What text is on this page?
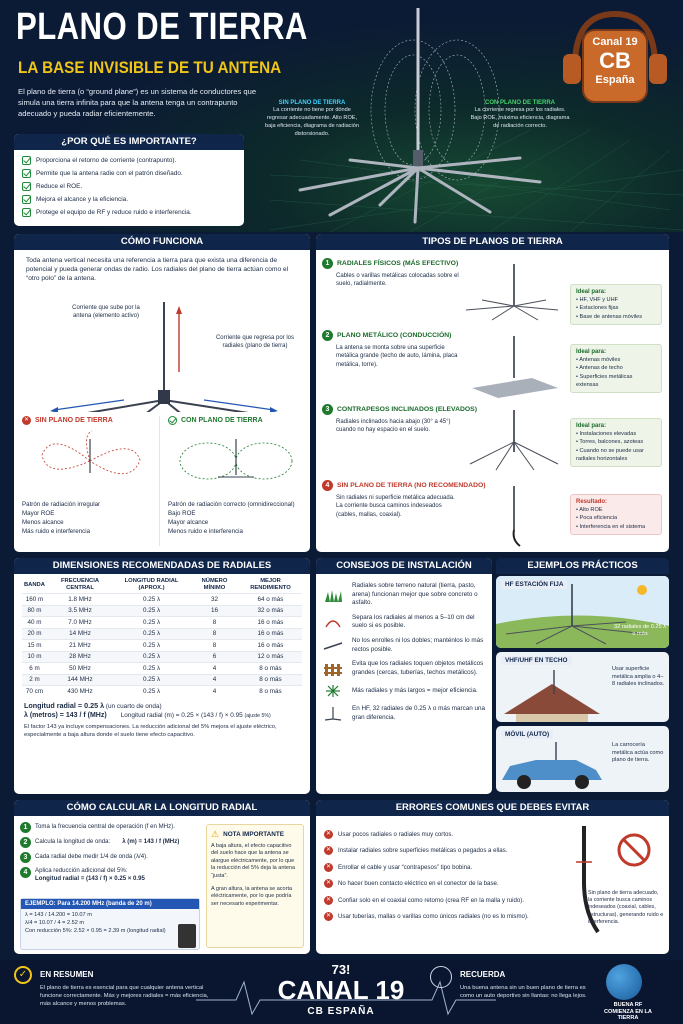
PLANO DE TIERRA
LA BASE INVISIBLE DE TU ANTENA
El plano de tierra (o “ground plane”) es un sistema de conductores que simula una tierra infinita para que la antena tenga un contrapunto adecuado y pueda radiar eficientemente.
SIN PLANO DE TIERRA
La corriente no tiene por dónde regresar adecuadamente. Alto ROE, baja eficiencia, diagrama de radiación distorsionado.
CON PLANO DE TIERRA
La corriente regresa por los radiales. Bajo ROE, máxima eficiencia, diagrama de radiación correcto.
Canal 19
CB
España
¿POR QUÉ ES IMPORTANTE?
Proporciona el retorno de corriente (contrapunto).
Permite que la antena radie con el patrón diseñado.
Reduce el ROE.
Mejora el alcance y la eficiencia.
Protege el equipo de RF y reduce ruido e interferencia.
CÓMO FUNCIONA
Toda antena vertical necesita una referencia a tierra para que exista una diferencia de potencial y pueda generar ondas de radio. Los radiales del plano de tierra actúan como el “otro polo” de la antena.
Corriente que sube por la antena (elemento activo)
Corriente que regresa por los radiales (plano de tierra)
✕ SIN PLANO DE TIERRA
Patrón de radiación irregular
Mayor ROE
Menos alcance
Más ruido e interferencia
CON PLANO DE TIERRA
Patrón de radiación correcto (omnidireccional)
Bajo ROE
Mayor alcance
Menos ruido e interferencia
TIPOS DE PLANOS DE TIERRA
1	RADIALES FÍSICOS (MÁS EFECTIVO)
Cables o varillas metálicas colocadas sobre el suelo, radialmente.
Ideal para:
• HF, VHF y UHF
• Estaciones fijas
• Base de antenas móviles
2	PLANO METÁLICO (CONDUCCIÓN)
La antena se monta sobre una superficie metálica grande (techo de auto, lámina, placa metálica, torre).
Ideal para:
• Antenas móviles
• Antenas de techo
• Superficies metálicas extensas
3	CONTRAPESOS INCLINADOS (ELEVADOS)
Radiales inclinados hacia abajo (30° a 45°) cuando no hay espacio en el suelo.
Ideal para:
• Instalaciones elevadas
• Torres, balcones, azoteas
• Cuando no se puede usar radiales horizontales
4	SIN PLANO DE TIERRA (NO RECOMENDADO)
Sin radiales ni superficie metálica adecuada. La corriente busca caminos indeseados (cables, mallas, coaxial).
Resultado:
• Alto ROE
• Poca eficiencia
• Interferencia en el sistema
DIMENSIONES RECOMENDADAS DE RADIALES
BANDA	FRECUENCIA CENTRAL	LONGITUD RADIAL (APROX.)	NÚMERO MÍNIMO	MEJOR RENDIMIENTO
160 m	1.8 MHz	0.25 λ	32	64 o más
80 m	3.5 MHz	0.25 λ	16	32 o más
40 m	7.0 MHz	0.25 λ	8	16 o más
20 m	14 MHz	0.25 λ	8	16 o más
15 m	21 MHz	0.25 λ	8	16 o más
10 m	28 MHz	0.25 λ	6	12 o más
6 m	50 MHz	0.25 λ	4	8 o más
2 m	144 MHz	0.25 λ	4	8 o más
70 cm	430 MHz	0.25 λ	4	8 o más
Longitud radial = 0.25 λ (un cuarto de onda)
λ (metros) = 143 / f (MHz) Longitud radial (m) = 0.25 × (143 / f) × 0.95 (ajuste 5%)
El factor 143 ya incluye compensaciones. La reducción adicional del 5% mejora el ajuste eléctrico, especialmente a baja altura donde el suelo tiene efecto capacitivo.
CONSEJOS DE INSTALACIÓN
Radiales sobre terreno natural (tierra, pasto, arena) funcionan mejor que sobre concreto o asfalto.
Separa los radiales al menos a 5–10 cm del suelo si es posible.
No los enrolles ni los dobles; manténlos lo más rectos posible.
Evita que los radiales toquen objetos metálicos grandes (cercas, tuberías, techos metálicos).
Más radiales y más largos = mejor eficiencia.
En HF, 32 radiales de 0.25 λ o más marcan una gran diferencia.
EJEMPLOS PRÁCTICOS
HF ESTACIÓN FIJA
32 radiales de 0.25 λ o más
VHF/UHF EN TECHO
Usar superficie metálica amplia o 4–8 radiales inclinados.
MÓVIL (AUTO)
La carrocería metálica actúa como plano de tierra.
CÓMO CALCULAR LA LONGITUD RADIAL
1	Toma la frecuencia central de operación (f en MHz).
2	Calcula la longitud de onda: λ (m) = 143 / f (MHz)
3	Cada radial debe medir 1/4 de onda (λ/4).
4	Aplica reducción adicional del 5%:
Longitud radial = (143 / f) × 0.25 × 0.95
EJEMPLO: Para 14.200 MHz (banda de 20 m)
λ = 143 / 14.200 = 10.07 m
λ/4 = 10.07 / 4 = 2.52 m
Con reducción 5%: 2.52 × 0.95 = 2.39 m (longitud radial)
⚠ NOTA IMPORTANTE
A baja altura, el efecto capacitivo del suelo hace que la antena se alargue eléctricamente, por lo que la reducción del 5% deja la antena “justa”.
A gran altura, la antena se acorta eléctricamente, por lo que podría ser necesario experimentar.
ERRORES COMUNES QUE DEBES EVITAR
✕	Usar pocos radiales o radiales muy cortos.
✕	Instalar radiales sobre superficies metálicas o pegados a ellas.
✕	Enrollar el cable y usar “contrapesos” tipo bobina.
✕	No hacer buen contacto eléctrico en el conector de la base.
✕	Confiar solo en el coaxial como retorno (crea RF en la malla y ruido).
✕	Usar tuberías, mallas o varillas como únicos radiales (no es lo mismo).
Sin plano de tierra adecuado, la corriente busca caminos indeseados (coaxial, cables, estructuras), generando ruido e interferencia.
✓	EN RESUMEN
El plano de tierra es esencial para que cualquier antena vertical funcione correctamente. Más y mejores radiales = más eficiencia, más alcance y menos problemas.
73!
CANAL 19
CB ESPAÑA
RECUERDA
Una buena antena sin un buen plano de tierra es como un auto deportivo sin llantas: no llega lejos.
BUENA RF COMIENZA EN LA TIERRA
